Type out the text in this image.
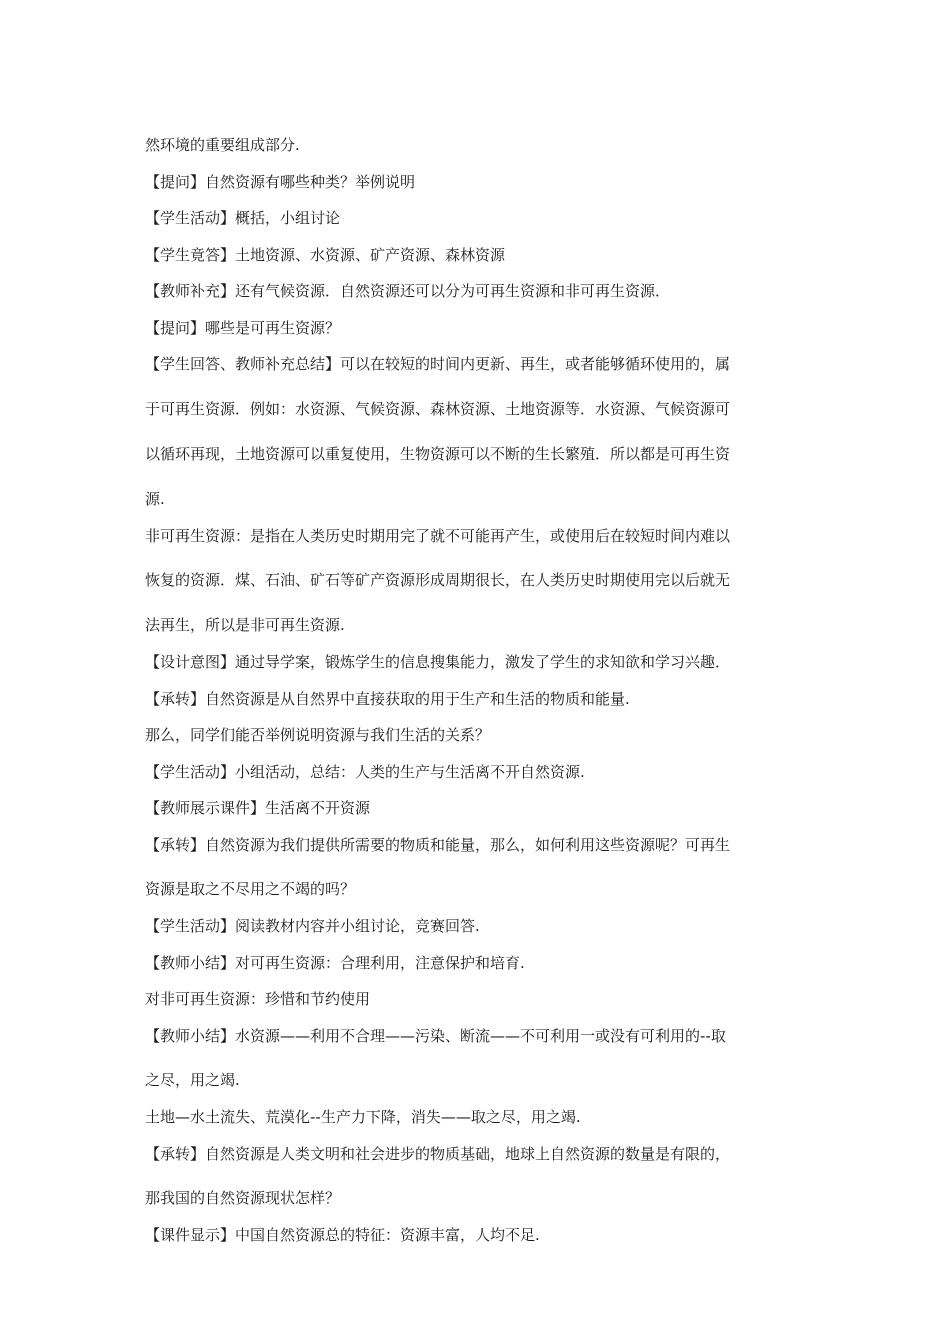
然环境的重要组成部分.
【提问】自然资源有哪些种类？举例说明
【学生活动】概括，小组讨论
【学生竟答】土地资源、水资源、矿产资源、森林资源
【教师补充】还有气候资源．自然资源还可以分为可再生资源和非可再生资源．
【提问】哪些是可再生资源？
【学生回答、教师补充总结】可以在较短的时间内更新、再生，或者能够循环使用的，属
于可再生资源．例如：水资源、气候资源、森林资源、土地资源等．水资源、气候资源可
以循环再现，土地资源可以重复使用，生物资源可以不断的生长繁殖．所以都是可再生资
源.
非可再生资源：是指在人类历史时期用完了就不可能再产生，或使用后在较短时间内难以
恢复的资源．煤、石油、矿石等矿产资源形成周期很长，在人类历史时期使用完以后就无
法再生，所以是非可再生资源.
【设计意图】通过导学案，锻炼学生的信息搜集能力，激发了学生的求知欲和学习兴趣．
【承转】自然资源是从自然界中直接获取的用于生产和生活的物质和能量.
那么，同学们能否举例说明资源与我们生活的关系？
【学生活动】小组活动，总结：人类的生产与生活离不开自然资源.
【教师展示课件】生活离不开资源
【承转】自然资源为我们提供所需要的物质和能量，那么，如何利用这些资源呢？可再生
资源是取之不尽用之不竭的吗？
【学生活动】阅读教材内容并小组讨论，竞赛回答.
【教师小结】对可再生资源：合理利用，注意保护和培育.
对非可再生资源：珍惜和节约使用
【教师小结】水资源——利用不合理——污染、断流——不可利用一或没有可利用的--取
之尽，用之竭.
土地—水土流失、荒漠化--生产力下降，消失——取之尽，用之竭.
【承转】自然资源是人类文明和社会进步的物质基础，地球上自然资源的数量是有限的，
那我国的自然资源现状怎样？
【课件显示】中国自然资源总的特征：资源丰富，人均不足.
